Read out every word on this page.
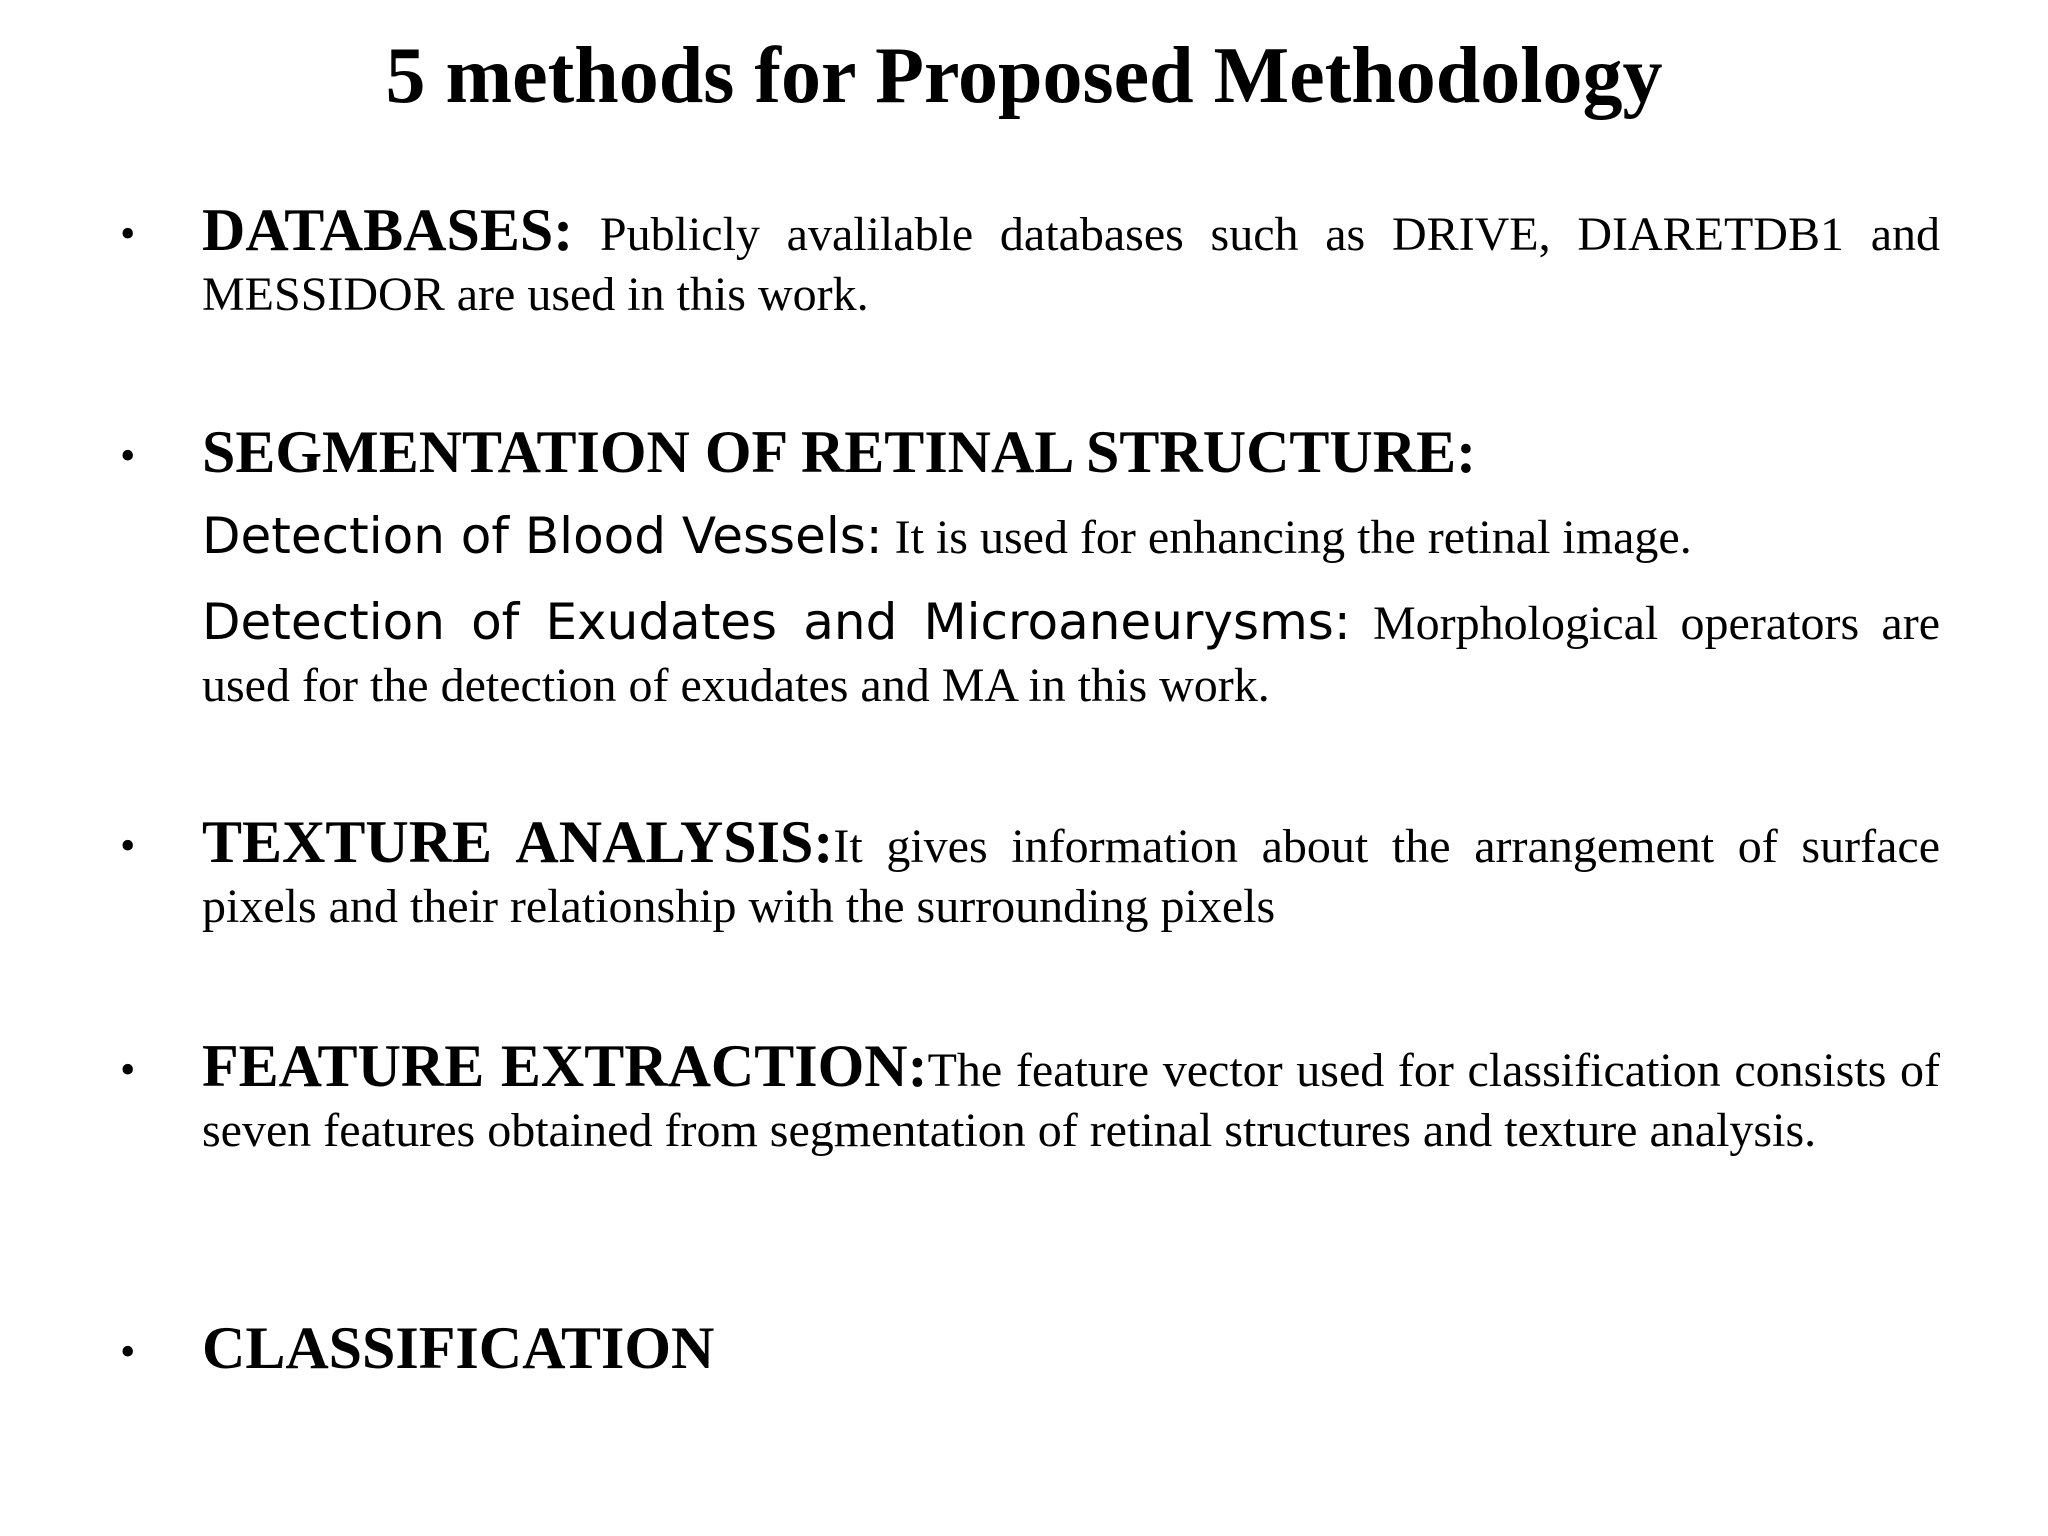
5 methods for Proposed Methodology
• DATABASES: Publicly avalilable databases such as DRIVE, DIARETDB1 and MESSIDOR are used in this work.

• SEGMENTATION OF RETINAL STRUCTURE:

Detection of Blood Vessels: It is used for enhancing the retinal image.

Detection of Exudates and Microaneurysms: Morphological operators are used for the detection of exudates and MA in this work.

• TEXTURE ANALYSIS:It gives information about the arrangement of surface pixels and their relationship with the surrounding pixels

• FEATURE EXTRACTION:The feature vector used for classification consists of seven features obtained from segmentation of retinal structures and texture analysis.

• CLASSIFICATION
